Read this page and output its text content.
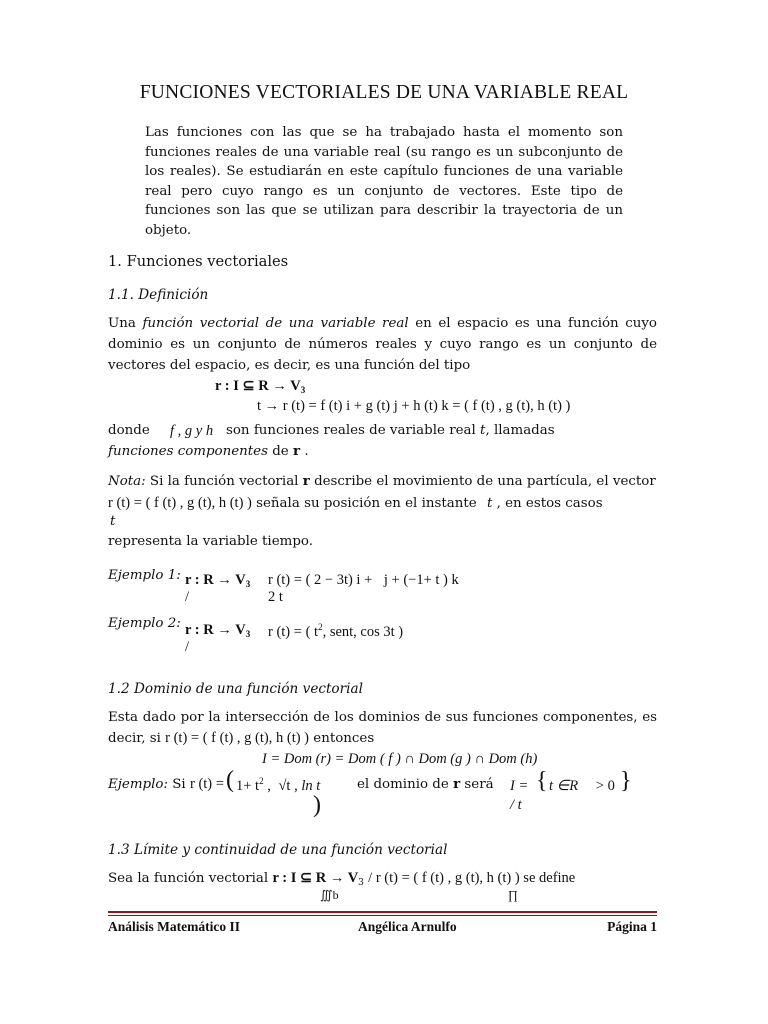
FUNCIONES VECTORIALES DE UNA VARIABLE REAL
Las funciones con las que se ha trabajado hasta el momento son funciones reales de una variable real (su rango es un subconjunto de los reales). Se estudiarán en este capítulo funciones de una variable real pero cuyo rango es un conjunto de vectores. Este tipo de funciones son las que se utilizan para describir la trayectoria de un objeto.
1. Funciones vectoriales
1.1. Definición
Una función vectorial de una variable real en el espacio es una función cuyo dominio es un conjunto de números reales y cuyo rango es un conjunto de vectores del espacio, es decir, es una función del tipo
r : I ⊆ $R \to V_3$
t → r (t) = f (t) i + g (t) j + h (t) k = ( f (t) , g (t), h (t) )
donde f , g y h son funciones reales de variable real t, llamadas
funciones componentes de r .
Nota: Si la función vectorial r describe el movimiento de una partícula, el vector
r (t) = ( f (t) , g (t), h (t) ) señala su posición en el instante t , en estos casos
t
representa la variable tiempo.
Ejemplo 1: r : $R \to V_3$
/
r (t) = ( 2 − 3t) i + j + (−1+ t ) k
2 t
Ejemplo 2: r : $R \to V_3$
/
r (t) = ( $t^2$, sent, cos 3t )
1.2 Dominio de una función vectorial
Esta dado por la intersección de los dominios de sus funciones componentes, es decir, si r (t) = ( f (t) , g (t), h (t) ) entonces
I = Dom (r) = Dom ( f ) ∩ Dom (g ) ∩ Dom (h)
Ejemplo: Si r (t) = ( $1+ t^2$ , √t , ln t
)
el dominio de r será I = { t ∈R > 0 }
/ t
1.3 Límite y continuidad de una función vectorial
Sea la función vectorial r : I ⊆ $R \to V_3 / r$ (t) = ( f (t) , g (t), h (t) ) se define
∭b	∏
Análisis Matemático II	Angélica Arnulfo	Página 1
